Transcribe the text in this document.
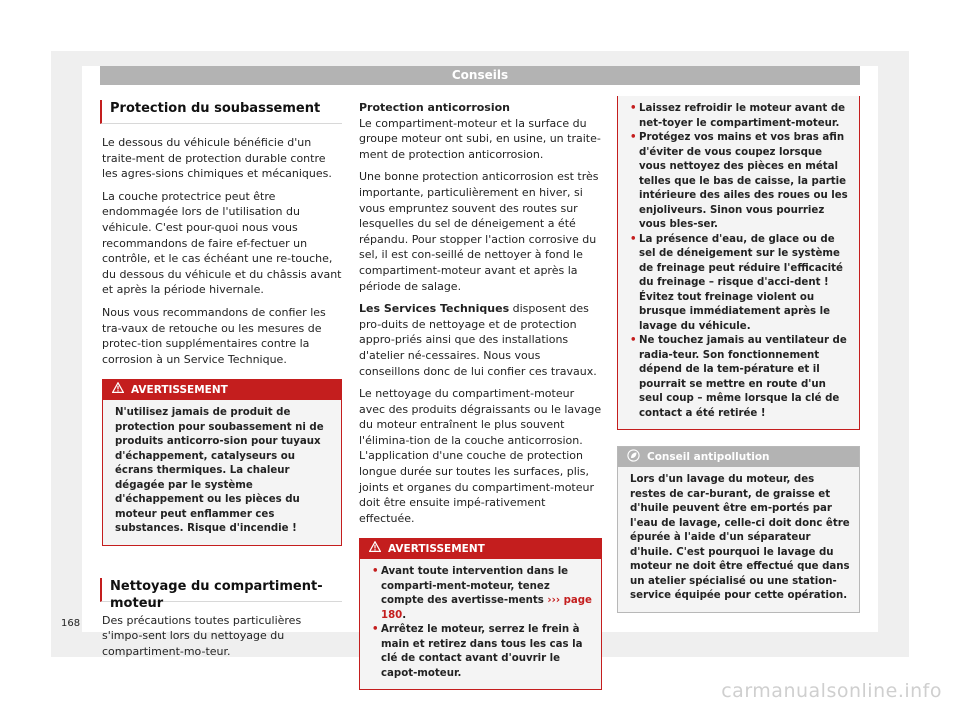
Conseils
Protection du soubassement

Le dessous du véhicule bénéficie d'un traite-ment de protection durable contre les agres-sions chimiques et mécaniques.

La couche protectrice peut être endommagée lors de l'utilisation du véhicule. C'est pour-quoi nous vous recommandons de faire ef-fectuer un contrôle, et le cas échéant une re-touche, du dessous du véhicule et du châssis avant et après la période hivernale.

Nous vous recommandons de confier les tra-vaux de retouche ou les mesures de protec-tion supplémentaires contre la corrosion à un Service Technique.

AVERTISSEMENT
N'utilisez jamais de produit de protection pour soubassement ni de produits anticorro-sion pour tuyaux d'échappement, catalyseurs ou écrans thermiques. La chaleur dégagée par le système d'échappement ou les pièces du moteur peut enflammer ces substances. Risque d'incendie !
Nettoyage du compartiment-moteur

Des précautions toutes particulières s'impo-sent lors du nettoyage du compartiment-mo-teur.

Protection anticorrosion

Le compartiment-moteur et la surface du groupe moteur ont subi, en usine, un traite-ment de protection anticorrosion.

Une bonne protection anticorrosion est très importante, particulièrement en hiver, si vous empruntez souvent des routes sur lesquelles du sel de déneigement a été répandu. Pour stopper l'action corrosive du sel, il est con-seillé de nettoyer à fond le compartiment-moteur avant et après la période de salage.

Les Services Techniques disposent des pro-duits de nettoyage et de protection appro-priés ainsi que des installations d'atelier né-cessaires. Nous vous conseillons donc de lui confier ces travaux.

Le nettoyage du compartiment-moteur avec des produits dégraissants ou le lavage du moteur entraînent le plus souvent l'élimina-tion de la couche anticorrosion. L'application d'une couche de protection longue durée sur toutes les surfaces, plis, joints et organes du compartiment-moteur doit être ensuite impé-rativement effectuée.

AVERTISSEMENT
• Avant toute intervention dans le comparti-ment-moteur, tenez compte des avertisse-ments ››› page 180.
• Arrêtez le moteur, serrez le frein à main et retirez dans tous les cas la clé de contact avant d'ouvrir le capot-moteur.
• Laissez refroidir le moteur avant de net-toyer le compartiment-moteur.
• Protégez vos mains et vos bras afin d'éviter de vous coupez lorsque vous nettoyez des pièces en métal telles que le bas de caisse, la partie intérieure des ailes des roues ou les enjoliveurs. Sinon vous pourriez vous bles-ser.
• La présence d'eau, de glace ou de sel de déneigement sur le système de freinage peut réduire l'efficacité du freinage – risque d'acci-dent ! Évitez tout freinage violent ou brusque immédiatement après le lavage du véhicule.
• Ne touchez jamais au ventilateur de radia-teur. Son fonctionnement dépend de la tem-pérature et il pourrait se mettre en route d'un seul coup – même lorsque la clé de contact a été retirée !
Conseil antipollution
Lors d'un lavage du moteur, des restes de car-burant, de graisse et d'huile peuvent être em-portés par l'eau de lavage, celle-ci doit donc être épurée à l'aide d'un séparateur d'huile. C'est pourquoi le lavage du moteur ne doit être effectué que dans un atelier spécialisé ou une station-service équipée pour cette opération.
168
carmanualsonline.info
